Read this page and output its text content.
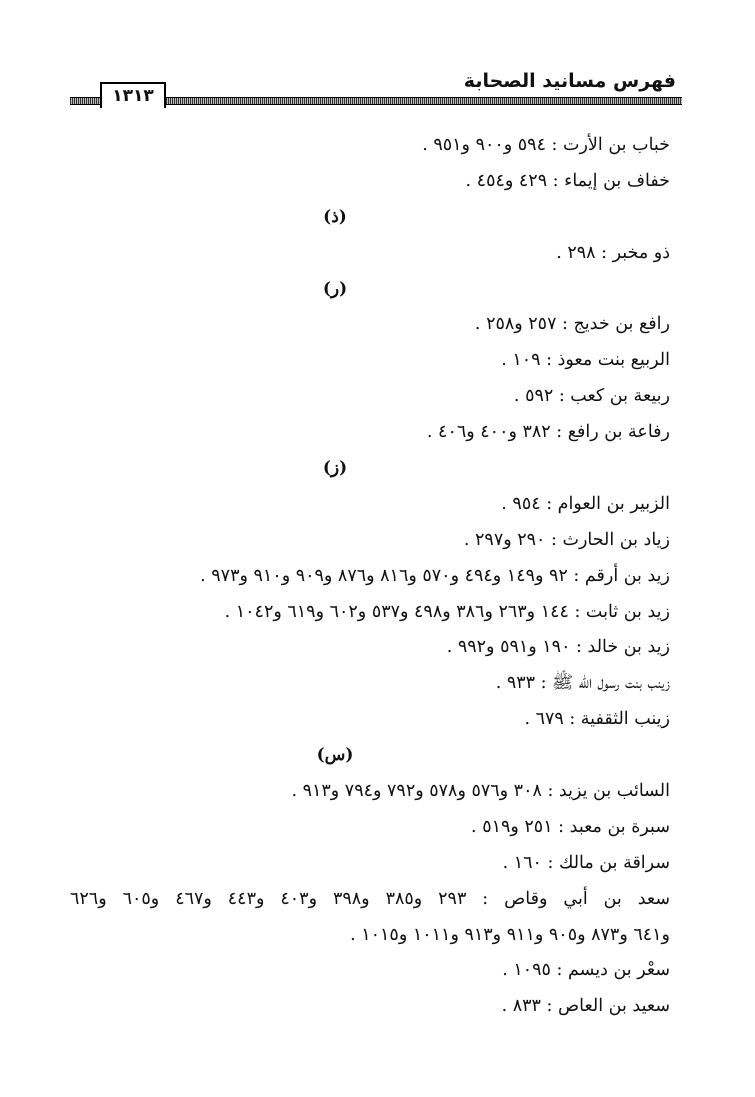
١٣١٣
فهرس مسانيد الصحابة
خباب بن الأرت : ٥٩٤ و٩٠٠ و٩٥١ .
خفاف بن إيماء : ٤٢٩ و٤٥٤ .
(ذ)
ذو مخبر : ٢٩٨ .
(ر)
رافع بن خديج : ٢٥٧ و٢٥٨ .
الربيع بنت معوذ : ١٠٩ .
ربيعة بن كعب : ٥٩٢ .
رفاعة بن رافع : ٣٨٢ و٤٠٠ و٤٠٦ .
(ز)
الزبير بن العوام : ٩٥٤ .
زياد بن الحارث : ٢٩٠ و٢٩٧ .
زيد بن أرقم : ٩٢ و١٤٩ و٤٩٤ و٥٧٠ و٨١٦ و٨٧٦ و٩٠٩ و٩١٠ و٩٧٣ .
زيد بن ثابت : ١٤٤ و٢٦٣ و٣٨٦ و٤٩٨ و٥٣٧ و٦٠٢ و٦١٩ و١٠٤٢ .
زيد بن خالد : ١٩٠ و٥٩١ و٩٩٢ .
زينب بنت رسول الله ﷺ : ٩٣٣ .
زينب الثقفية : ٦٧٩ .
(س)
السائب بن يزيد : ٣٠٨ و٥٧٦ و٥٧٨ و٧٩٢ و٧٩٤ و٩١٣ .
سبرة بن معبد : ٢٥١ و٥١٩ .
سراقة بن مالك : ١٦٠ .
سعد بن أبي وقاص : ٢٩٣ و٣٨٥ و٣٩٨ و٤٠٣ و٤٤٣ و٤٦٧ و٦٠٥ و٦٢٦
و٦٤١ و٨٧٣ و٩٠٥ و٩١١ و٩١٣ و١٠١١ و١٠١٥ .
سعْر بن ديسم : ١٠٩٥ .
سعيد بن العاص : ٨٣٣ .
